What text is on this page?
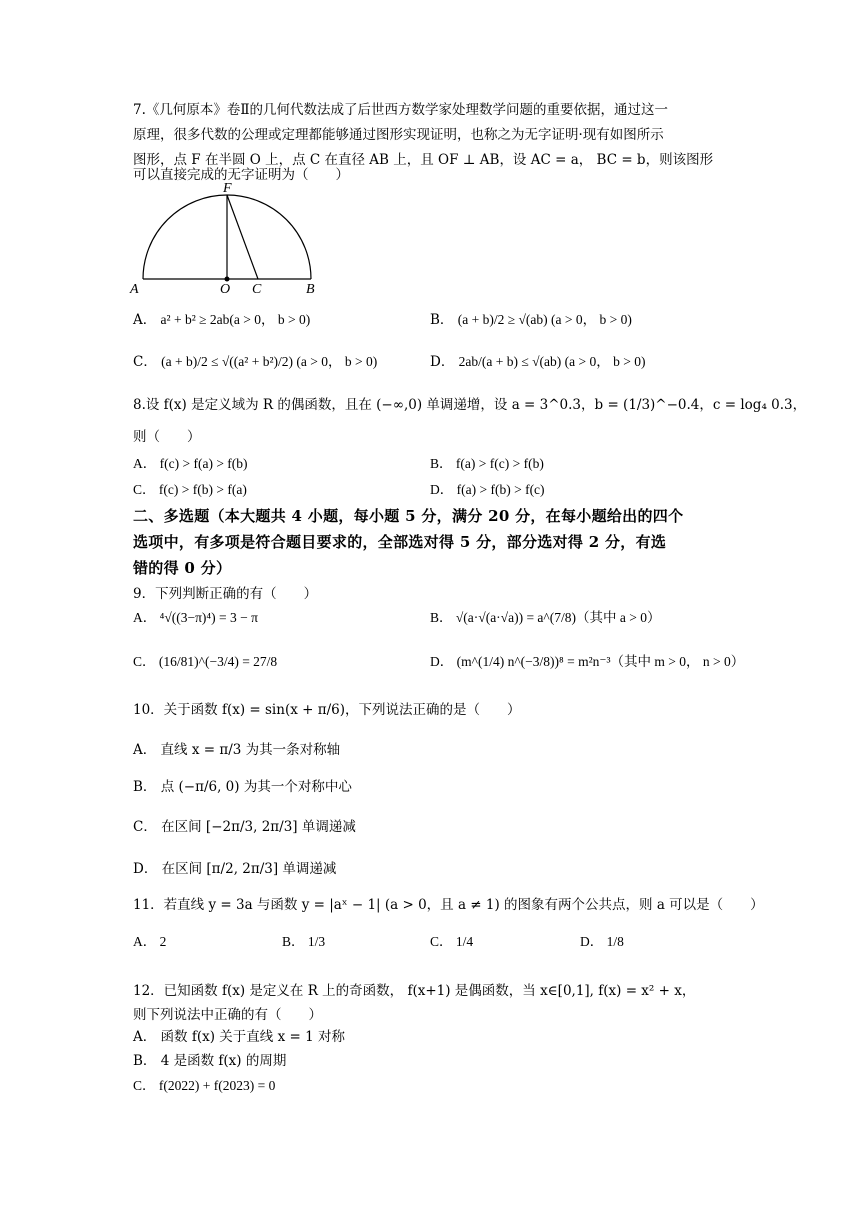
7.《几何原本》卷Ⅱ的几何代数法成了后世西方数学家处理数学问题的重要依据，通过这一
原理，很多代数的公理或定理都能够通过图形实现证明，也称之为无字证明·现有如图所示
图形，点 F 在半圆 O 上，点 C 在直径 AB 上，且 OF ⊥ AB，设 AC = a， BC = b，则该图形
可以直接完成的无字证明为（　　）
A	O C	B
F
A． a² + b² ≥ 2ab(a > 0， b > 0)	B． (a + b)/2 ≥ √(ab) (a > 0， b > 0)
C． (a + b)/2 ≤ √((a² + b²)/2) (a > 0， b > 0)	D． 2ab/(a + b) ≤ √(ab) (a > 0， b > 0)
8.设 f(x) 是定义域为 R 的偶函数，且在 (−∞,0) 单调递增，设 a = 3^0.3，b = (1/3)^−0.4，c = log₄ 0.3，
则（　　）
A． f(c) > f(a) > f(b)	B． f(a) > f(c) > f(b)
C． f(c) > f(b) > f(a)	D． f(a) > f(b) > f(c)
二、多选题（本大题共 4 小题，每小题 5 分，满分 20 分，在每小题给出的四个
选项中，有多项是符合题目要求的，全部选对得 5 分，部分选对得 2 分，有选
错的得 0 分）
9．下列判断正确的有（　　）
A． ⁴√((3−π)⁴) = 3 − π	B． √(a·√(a·√a)) = a^(7/8)（其中 a > 0）
C． (16/81)^(−3/4) = 27/8	D． (m^(1/4) n^(−3/8))⁸ = m²n⁻³（其中 m > 0， n > 0）
10．关于函数 f(x) = sin(x + π/6)，下列说法正确的是（　　）
A． 直线 x = π/3 为其一条对称轴
B． 点 (−π/6, 0) 为其一个对称中心
C． 在区间 [−2π/3, 2π/3] 单调递减
D． 在区间 [π/2, 2π/3] 单调递减
11．若直线 y = 3a 与函数 y = |aˣ − 1| (a > 0，且 a ≠ 1) 的图象有两个公共点，则 a 可以是（　　）
A． 2	B． 1/3	C． 1/4	D． 1/8
12．已知函数 f(x) 是定义在 R 上的奇函数， f(x+1) 是偶函数，当 x∈[0,1], f(x) = x² + x，
则下列说法中正确的有（　　）
A． 函数 f(x) 关于直线 x = 1 对称
B． 4 是函数 f(x) 的周期
C． f(2022) + f(2023) = 0
